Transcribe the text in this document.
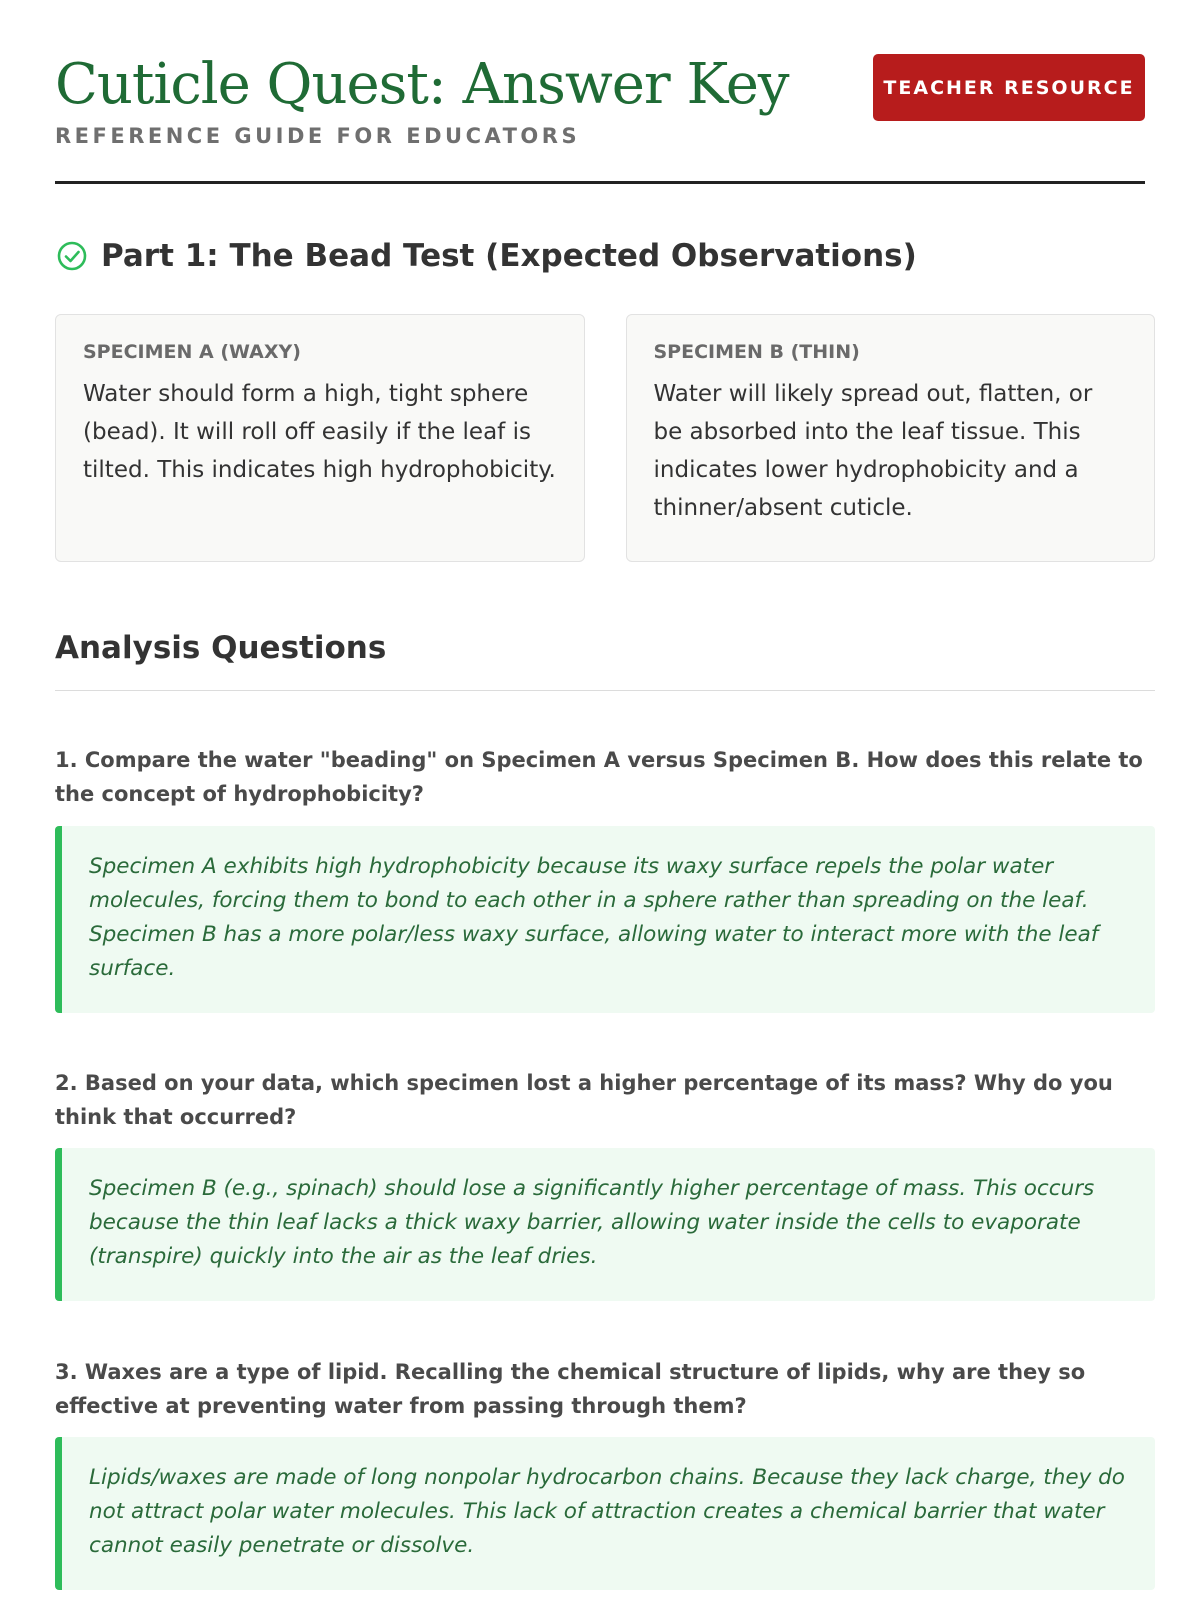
Cuticle Quest: Answer Key
REFERENCE GUIDE FOR EDUCATORS
TEACHER RESOURCE
Part 1: The Bead Test (Expected Observations)
SPECIMEN A (WAXY)

Water should form a high, tight sphere (bead). It will roll off easily if the leaf is tilted. This indicates high hydrophobicity.

SPECIMEN B (THIN)

Water will likely spread out, flatten, or be absorbed into the leaf tissue. This indicates lower hydrophobicity and a thinner/absent cuticle.

Analysis Questions

1. Compare the water "beading" on Specimen A versus Specimen B. How does this relate to the concept of hydrophobicity?

Specimen A exhibits high hydrophobicity because its waxy surface repels the polar water molecules, forcing them to bond to each other in a sphere rather than spreading on the leaf. Specimen B has a more polar/less waxy surface, allowing water to interact more with the leaf surface.

2. Based on your data, which specimen lost a higher percentage of its mass? Why do you think that occurred?

Specimen B (e.g., spinach) should lose a significantly higher percentage of mass. This occurs because the thin leaf lacks a thick waxy barrier, allowing water inside the cells to evaporate (transpire) quickly into the air as the leaf dries.

3. Waxes are a type of lipid. Recalling the chemical structure of lipids, why are they so effective at preventing water from passing through them?

Lipids/waxes are made of long nonpolar hydrocarbon chains. Because they lack charge, they do not attract polar water molecules. This lack of attraction creates a chemical barrier that water cannot easily penetrate or dissolve.
